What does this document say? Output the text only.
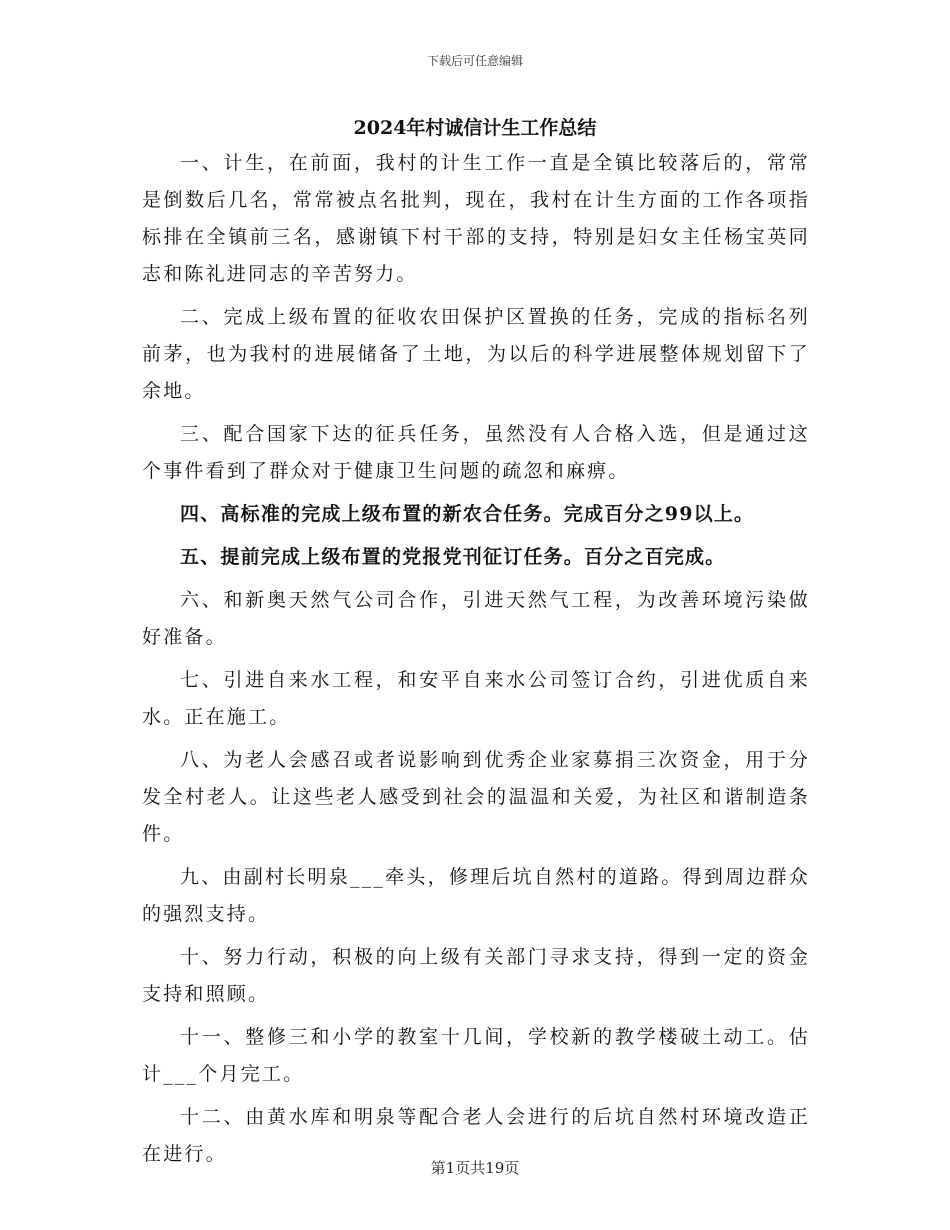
下载后可任意编辑
2024年村诚信计生工作总结

一、计生，在前面，我村的计生工作一直是全镇比较落后的，常常是倒数后几名，常常被点名批判，现在，我村在计生方面的工作各项指标排在全镇前三名，感谢镇下村干部的支持，特别是妇女主任杨宝英同志和陈礼进同志的辛苦努力。

二、完成上级布置的征收农田保护区置换的任务，完成的指标名列前茅，也为我村的进展储备了土地，为以后的科学进展整体规划留下了余地。

三、配合国家下达的征兵任务，虽然没有人合格入选，但是通过这个事件看到了群众对于健康卫生问题的疏忽和麻痹。

四、高标准的完成上级布置的新农合任务。完成百分之99以上。

五、提前完成上级布置的党报党刊征订任务。百分之百完成。

六、和新奥天然气公司合作，引进天然气工程，为改善环境污染做好准备。

七、引进自来水工程，和安平自来水公司签订合约，引进优质自来水。正在施工。

八、为老人会感召或者说影响到优秀企业家募捐三次资金，用于分发全村老人。让这些老人感受到社会的温温和关爱，为社区和谐制造条件。

九、由副村长明泉___牵头，修理后坑自然村的道路。得到周边群众的强烈支持。

十、努力行动，积极的向上级有关部门寻求支持，得到一定的资金支持和照顾。

十一、整修三和小学的教室十几间，学校新的教学楼破土动工。估计___个月完工。

十二、由黄水库和明泉等配合老人会进行的后坑自然村环境改造正在进行。

第1页共19页
